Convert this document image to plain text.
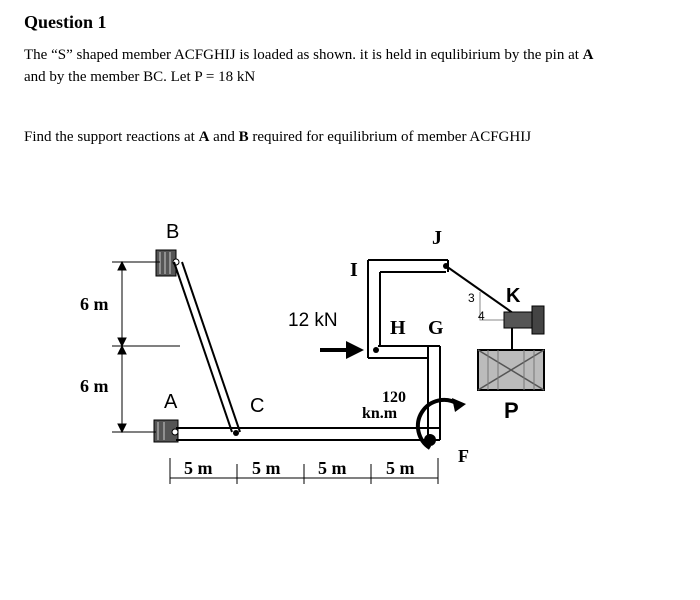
Question 1

The “S” shaped member ACFGHIJ is loaded as shown. it is held in equlibirium by the pin at A
and by the member BC. Let P = 18 kN

Find the support reactions at A and B required for equilibrium of member ACFGHIJ

B
A	C
I
J
K
H G
F
P
6 m
6 m
5 m 5 m 5 m 5 m
12 kN
120
kn.m
3
4
